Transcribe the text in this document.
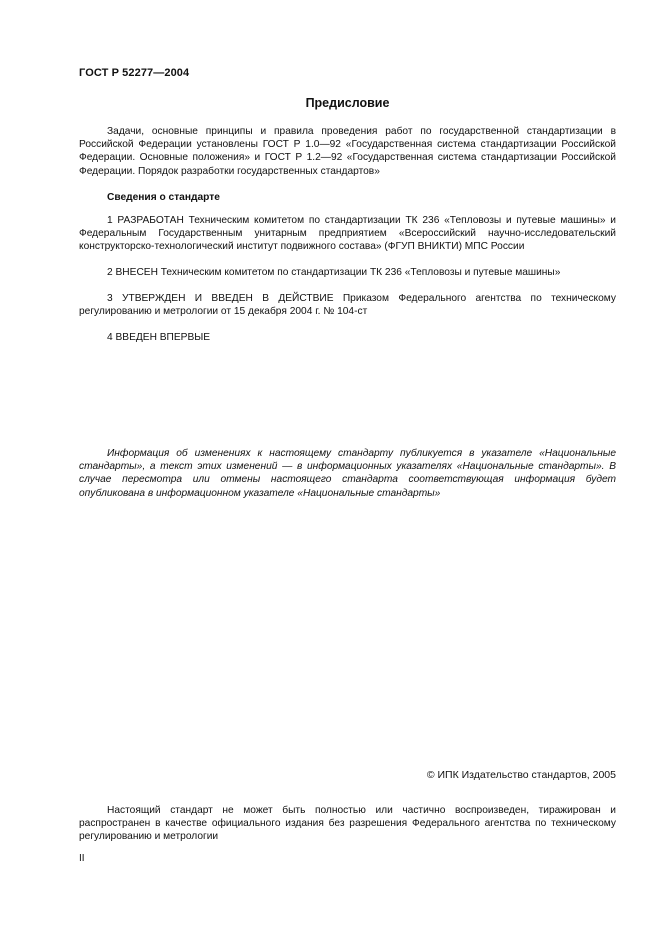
ГОСТ Р 52277—2004
Предисловие
Задачи, основные принципы и правила проведения работ по государственной стандартизации в Российской Федерации установлены ГОСТ Р 1.0—92 «Государственная система стандартизации Российской Федерации. Основные положения» и ГОСТ Р 1.2—92 «Государственная система стандартизации Российской Федерации. Порядок разработки государственных стандартов»
Сведения о стандарте
1 РАЗРАБОТАН Техническим комитетом по стандартизации ТК 236 «Тепловозы и путевые машины» и Федеральным Государственным унитарным предприятием «Всероссийский научно-исследовательский конструкторско-технологический институт подвижного состава» (ФГУП ВНИКТИ) МПС России
2 ВНЕСЕН Техническим комитетом по стандартизации ТК 236 «Тепловозы и путевые машины»
3 УТВЕРЖДЕН И ВВЕДЕН В ДЕЙСТВИЕ Приказом Федерального агентства по техническому регулированию и метрологии от 15 декабря 2004 г. № 104-ст
4 ВВЕДЕН ВПЕРВЫЕ
Информация об изменениях к настоящему стандарту публикуется в указателе «Национальные стандарты», а текст этих изменений — в информационных указателях «Национальные стандарты». В случае пересмотра или отмены настоящего стандарта соответствующая информация будет опубликована в информационном указателе «Национальные стандарты»
© ИПК Издательство стандартов, 2005
Настоящий стандарт не может быть полностью или частично воспроизведен, тиражирован и распространен в качестве официального издания без разрешения Федерального агентства по техническому регулированию и метрологии
II
